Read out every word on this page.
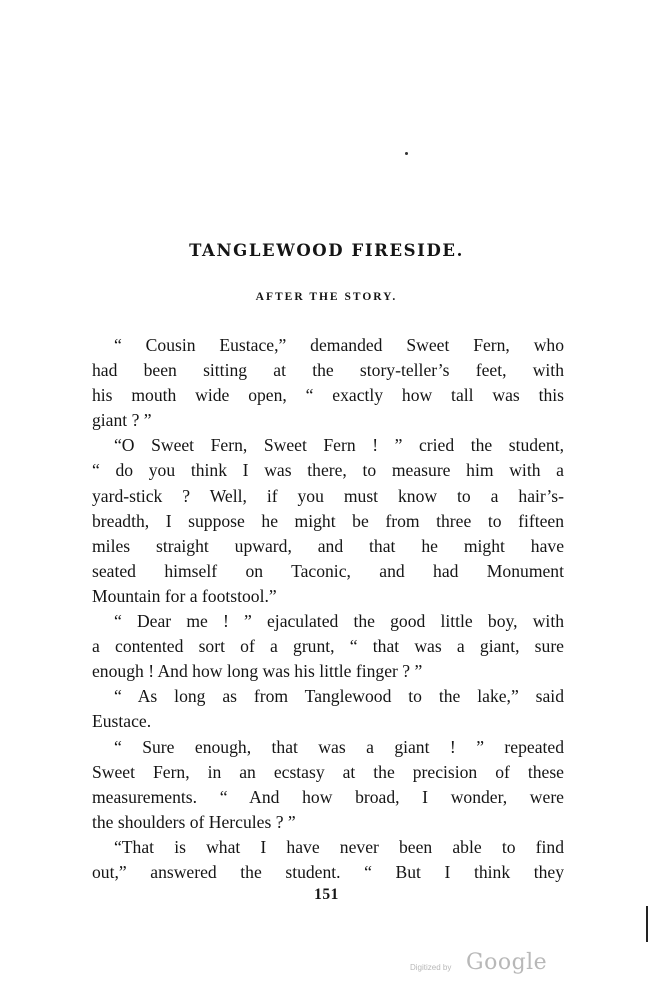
TANGLEWOOD FIRESIDE.
AFTER THE STORY.
“ Cousin Eustace,” demanded Sweet Fern, who
had been sitting at the story-teller’s feet, with
his mouth wide open, “ exactly how tall was this
giant ? ”
“O Sweet Fern, Sweet Fern ! ” cried the student,
“ do you think I was there, to measure him with a
yard-stick ? Well, if you must know to a hair’s-
breadth, I suppose he might be from three to fifteen
miles straight upward, and that he might have
seated himself on Taconic, and had Monument
Mountain for a footstool.”
“ Dear me ! ” ejaculated the good little boy, with
a contented sort of a grunt, “ that was a giant, sure
enough ! And how long was his little finger ? ”
“ As long as from Tanglewood to the lake,” said
Eustace.
“ Sure enough, that was a giant ! ” repeated
Sweet Fern, in an ecstasy at the precision of these
measurements. “ And how broad, I wonder, were
the shoulders of Hercules ? ”
“That is what I have never been able to find
out,” answered the student. “ But I think they
151
Digitized by Google
